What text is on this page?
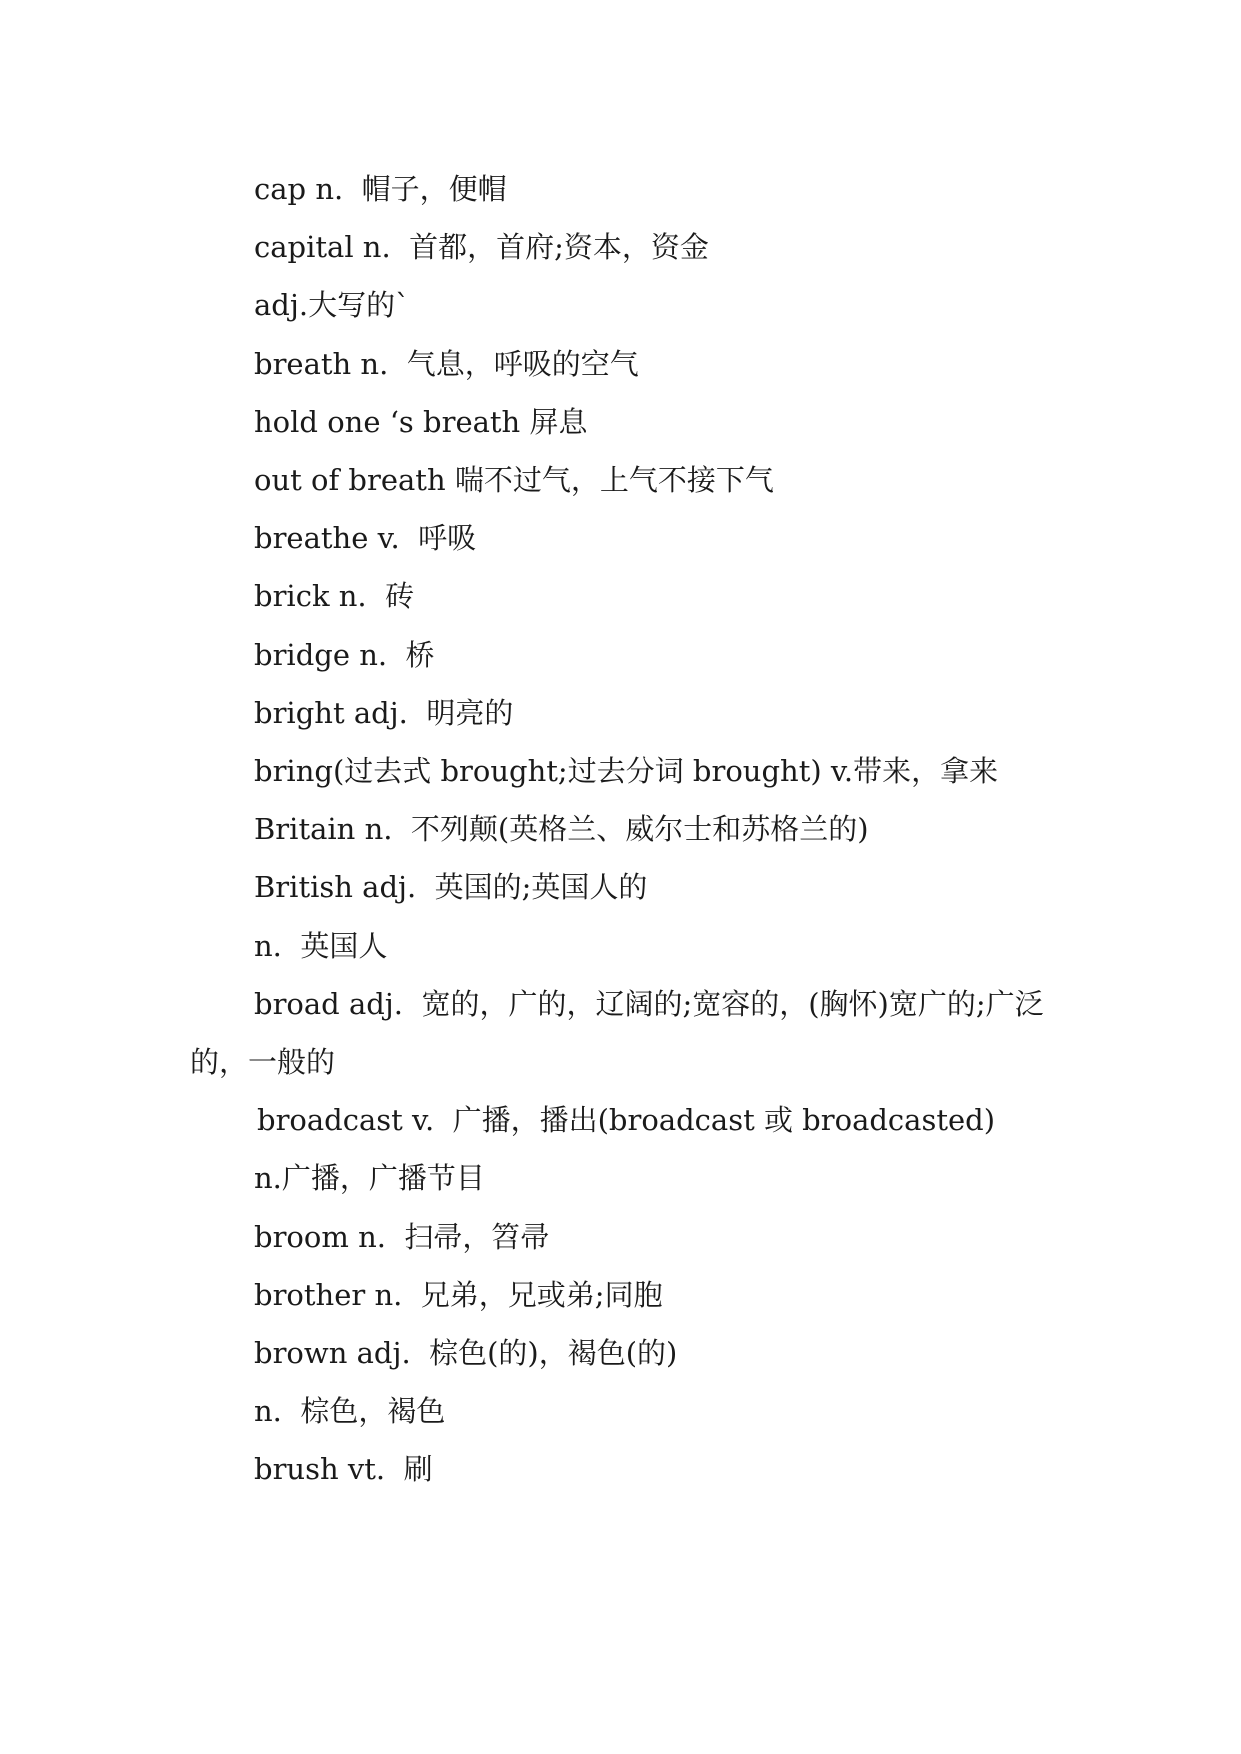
cap n.  帽子，便帽

capital n.  首都，首府;资本，资金

adj.大写的`

breath n.  气息，呼吸的空气

hold one ‘s breath 屏息

out of breath 喘不过气，上气不接下气

breathe v.  呼吸

brick n.  砖

bridge n.  桥

bright adj.  明亮的

bring(过去式 brought;过去分词 brought) v.带来，拿来

Britain n.  不列颠(英格兰、威尔士和苏格兰的)

British adj.  英国的;英国人的

n.  英国人

broad adj.  宽的，广的，辽阔的;宽容的，(胸怀)宽广的;广泛的，一般的

broadcast v.  广播，播出(broadcast 或 broadcasted)

n.广播，广播节目

broom n.  扫帚，笤帚

brother n.  兄弟，兄或弟;同胞

brown adj.  棕色(的)，褐色(的)

n.  棕色，褐色

brush vt.  刷
